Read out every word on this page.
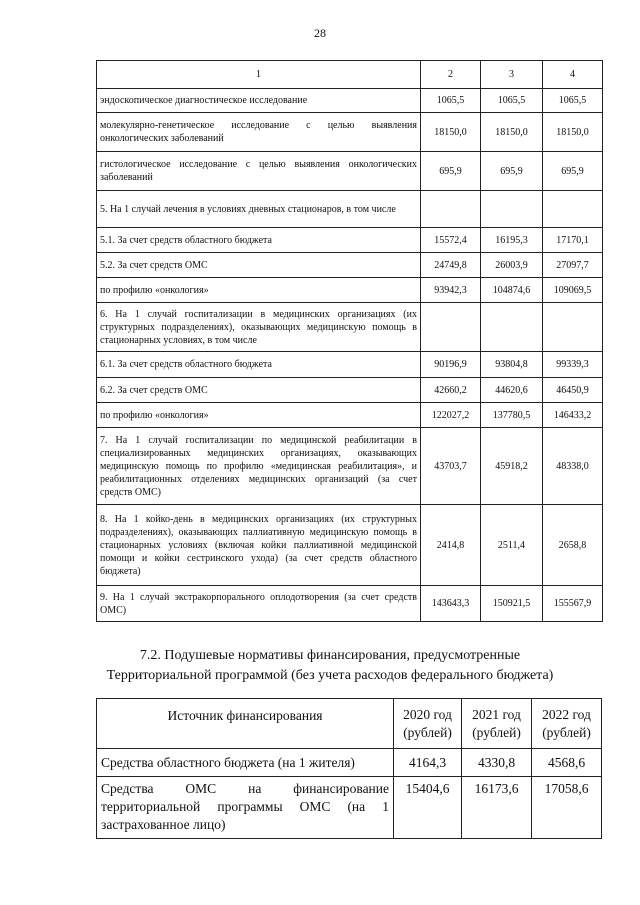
28
1	2	3	4
эндоскопическое диагностическое исследование	1065,5	1065,5	1065,5
молекулярно-генетическое исследование с целью выявления онкологических заболеваний	18150,0	18150,0	18150,0
гистологическое исследование с целью выявления онкологических заболеваний	695,9	695,9	695,9
5. На 1 случай лечения в условиях дневных стационаров, в том числе			
5.1. За счет средств областного бюджета	15572,4	16195,3	17170,1
5.2. За счет средств ОМС	24749,8	26003,9	27097,7
по профилю «онкология»	93942,3	104874,6	109069,5
6. На 1 случай госпитализации в медицинских организациях (их структурных подразделениях), оказывающих медицинскую помощь в стационарных условиях, в том числе			
6.1. За счет средств областного бюджета	90196,9	93804,8	99339,3
6.2. За счет средств ОМС	42660,2	44620,6	46450,9
по профилю «онкология»	122027,2	137780,5	146433,2
7. На 1 случай госпитализации по медицинской реабилитации в специализированных медицинских организациях, оказывающих медицинскую помощь по профилю «медицинская реабилитация», и реабилитационных отделениях медицинских организаций (за счет средств ОМС)	43703,7	45918,2	48338,0
8. На 1 койко-день в медицинских организациях (их структурных подразделениях), оказывающих паллиативную медицинскую помощь в стационарных условиях (включая койки паллиативной медицинской помощи и койки сестринского ухода) (за счет средств областного бюджета)	2414,8	2511,4	2658,8
9. На 1 случай экстракорпорального оплодотворения (за счет средств ОМС)	143643,3	150921,5	155567,9
7.2. Подушевые нормативы финансирования, предусмотренные
Территориальной программой (без учета расходов федерального бюджета)
Источник финансирования	2020 год (рублей)	2021 год (рублей)	2022 год (рублей)
Средства областного бюджета (на 1 жителя)	4164,3	4330,8	4568,6
Средства ОМС на финансирование территориальной программы ОМС (на 1 застрахованное лицо)	15404,6	16173,6	17058,6
